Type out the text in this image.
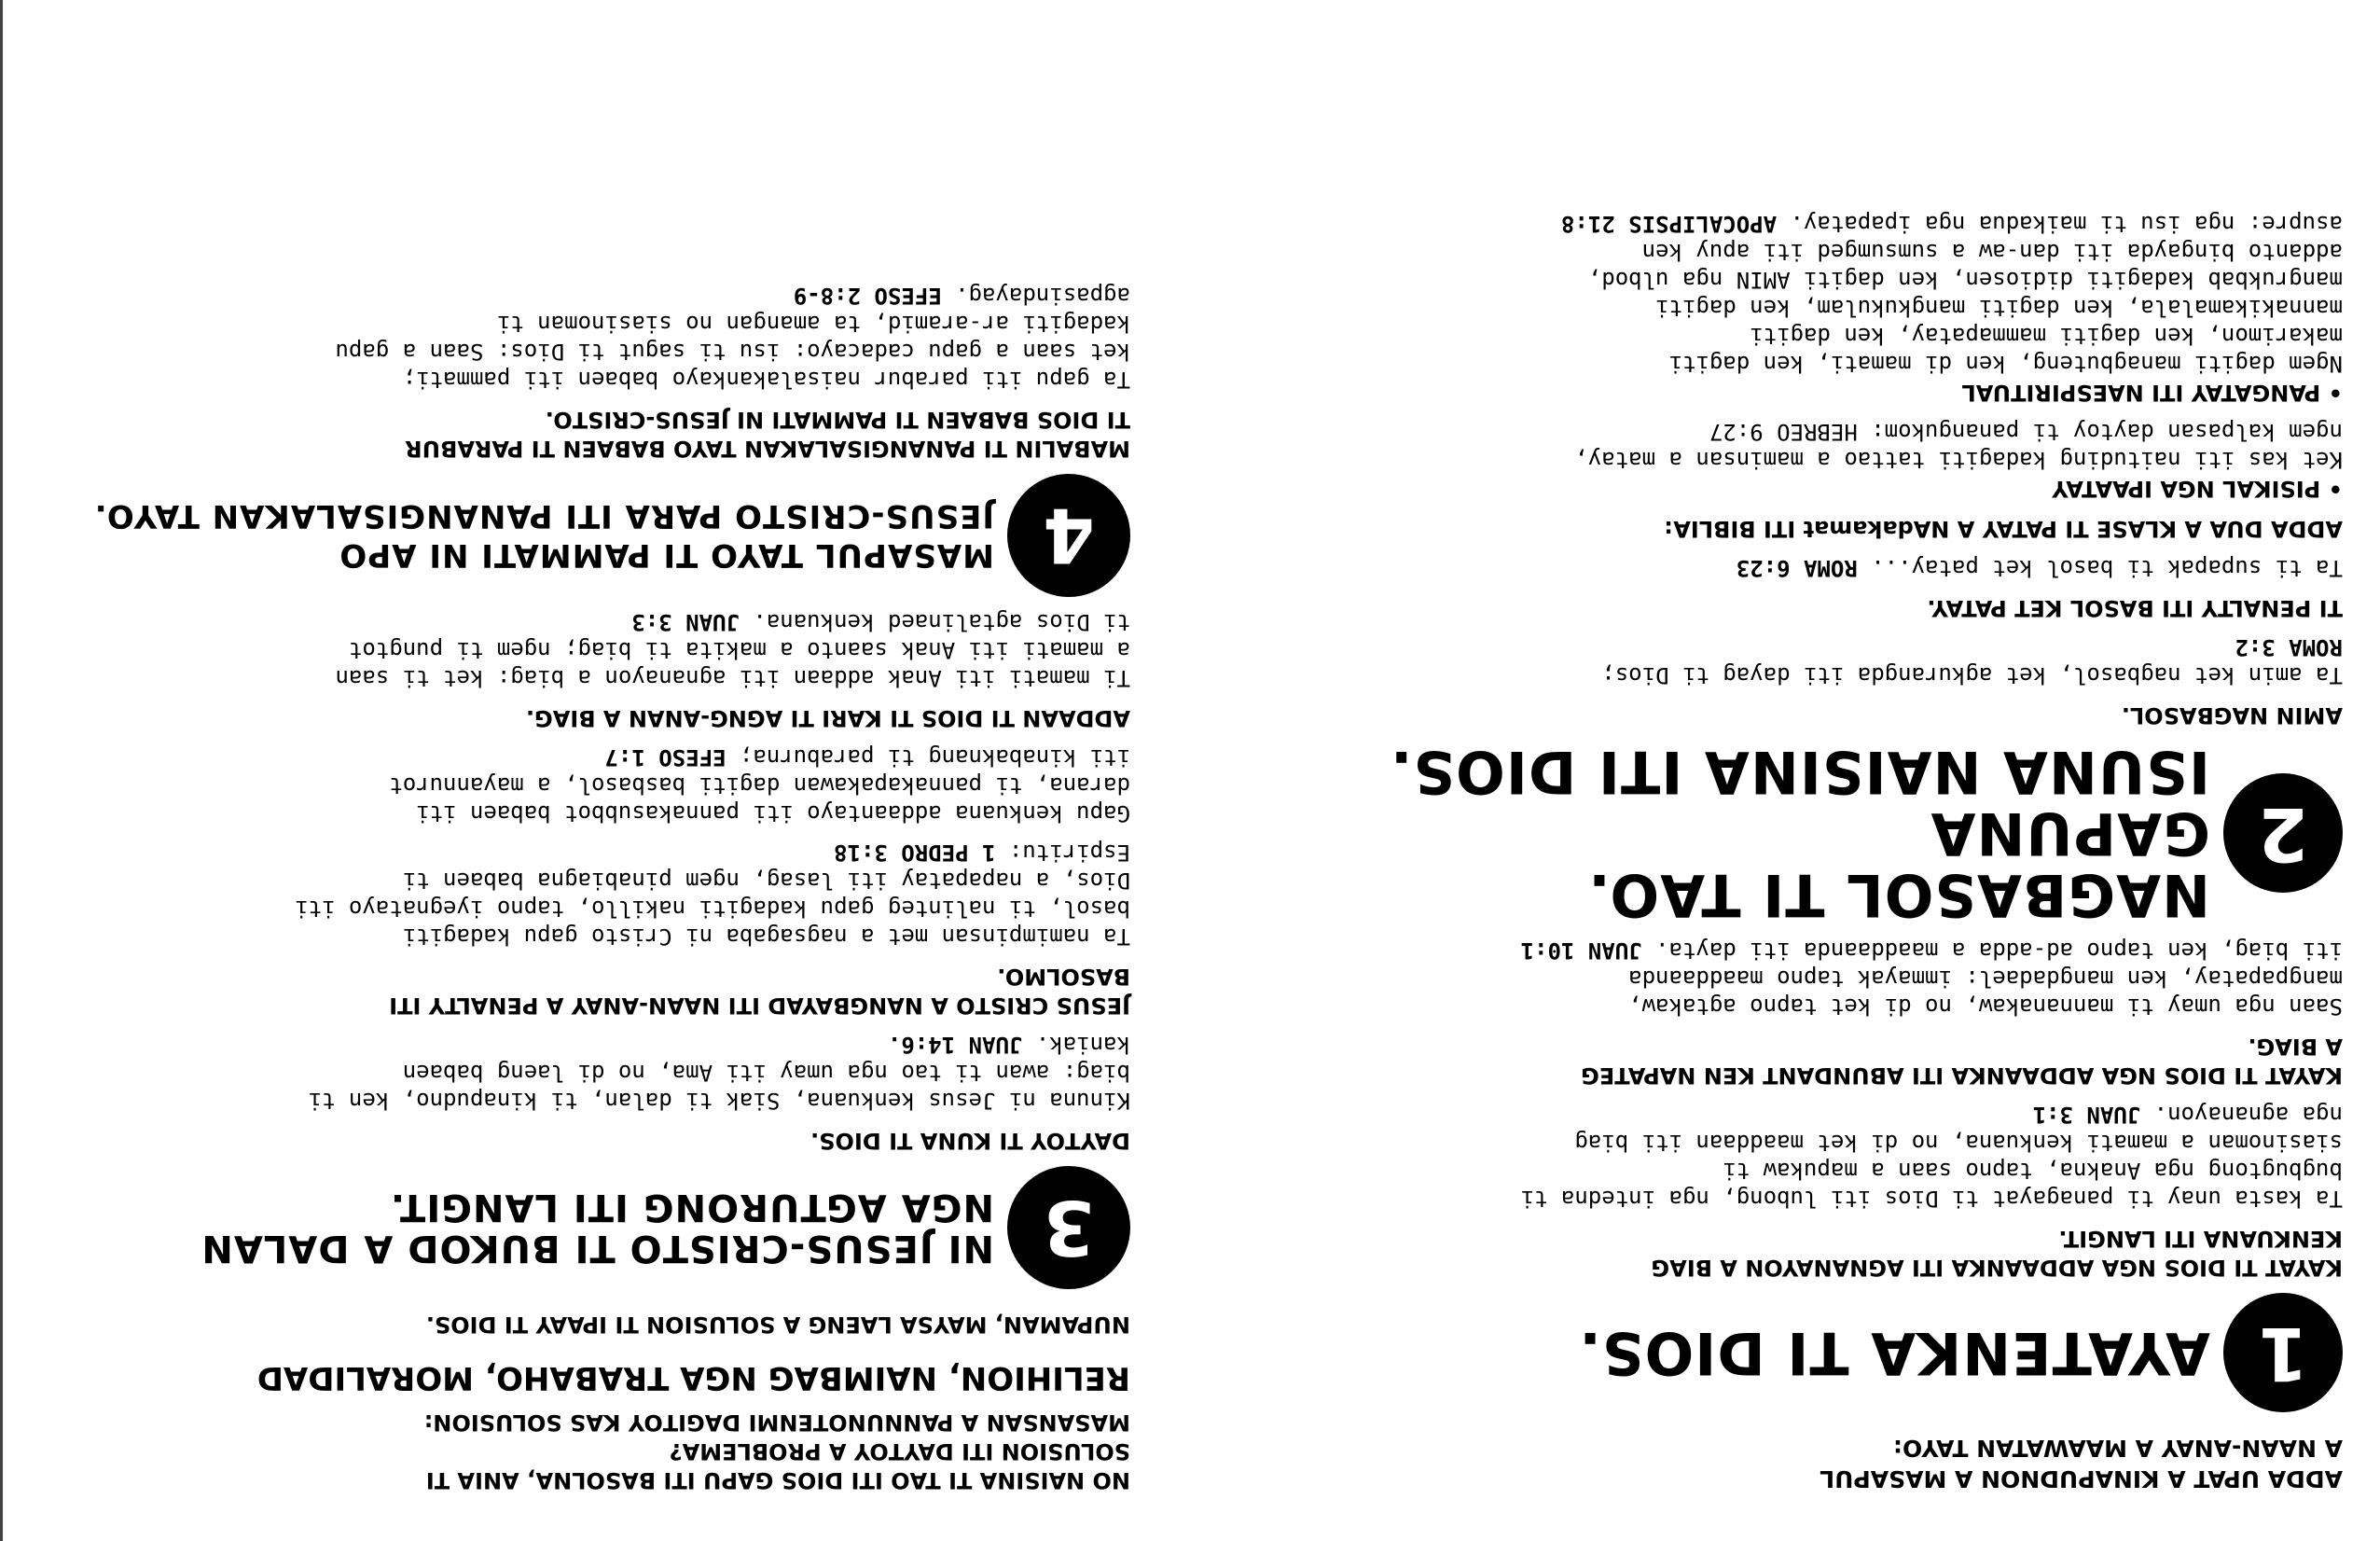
ADDA UPAT A KINAPUDNON A MASAPUL
A NAAN-ANAY A MAAWATAN TAYO:
1
AYATENKA TI DIOS.
KAYAT TI DIOS NGA ADDAANKA ITI AGNANAYON A BIAG
KENKUANA ITI LANGIT.
Ta kasta unay ti panagayat ti Dios iti lubong, nga intedna ti
bugbugtong nga Anakna, tapno saan a mapukaw ti
siasinoman a mamati kenkuana, no di ket maaddaan iti biag
nga agnanayon. JUAN 3:1
KAYAT TI DIOS NGA ADDAANKA ITI ABUNDANT KEN NAPATEG
A BIAG.
Saan nga umay ti mannanakaw, no di ket tapno agtakaw,
mangpapatay, ken mangdadael: immayak tapno maaddaanda
iti biag, ken tapno ad-adda a maaddaanda iti dayta. JUAN 10:1
2
NAGBASOL TI TAO. GAPUNA
ISUNA NAISINA ITI DIOS.
AMIN NAGBASOL.
Ta amin ket nagbasol, ket agkurangda iti dayag ti Dios;
ROMA 3:2
TI PENALTY ITI BASOL KET PATAY.
Ta ti supapak ti basol ket patay... ROMA 6:23
ADDA DUA A KLASE TI PATAY A NAdakamat ITI BIBLIA:
• PISIKAL NGA IPAATAY
Ket kas iti naituding kadagiti tattao a maminsan a matay,
ngem kalpasan daytoy ti panangukom: HEBREO 9:27
• PANGATAY ITI NAESPIRITUAL
Ngem dagiti managbuteng, ken di mamati, ken dagiti
makarimon, ken dagiti mammapatay, ken dagiti
mannakikamalala, ken dagiti mangkukulam, ken dagiti
mangrukbab kadagiti didiosen, ken dagiti AMIN nga ulbod,
addanto bingayda iti dan-aw a sumsumged iti apuy ken
asupre: nga isu ti maikadua nga ipapatay. APOCALIPSIS 21:8
NO NAISINA TI TAO ITI DIOS GAPU ITI BASOLNA, ANIA TI
SOLUSION ITI DAYTOY A PROBLEMA?
MASANSAN A PANNUNOTENMI DAGITOY KAS SOLUSION:
RELIHION, NAIMBAG NGA TRABAHO, MORALIDAD
NUPAMAN, MAYSA LAENG A SOLUSION TI IPAAY TI DIOS.
3
NI JESUS-CRISTO TI BUKOD A DALAN
NGA AGTURONG ITI LANGIT.
DAYTOY TI KUNA TI DIOS.
Kinuna ni Jesus kenkuana, Siak ti dalan, ti kinapudno, ken ti
biag: awan ti tao nga umay iti Ama, no di laeng babaen
kaniak. JUAN 14:6.
JESUS CRISTO A NANGBAYAD ITI NAAN-ANAY A PENALTY ITI
BASOLMO.
Ta namimpinsan met a nagsagaba ni Cristo gapu kadagiti
basol, ti nalinteg gapu kadagiti nakillo, tapno iyegnatayo iti
Dios, a napapatay iti lasag, ngem pinabiagna babaen ti
Espiritu: 1 PEDRO 3:18
Gapu kenkuana addaantayo iti pannakasubbot babaen iti
darana, ti pannakapakawan dagiti basbasol, a mayannurot
iti kinabaknang ti paraburna; EFESO 1:7
ADDAAN TI DIOS TI KARI TI AGNG-ANAN A BIAG.
Ti mamati iti Anak addaan iti agnanayon a biag: ket ti saan
a mamati iti Anak saanto a makita ti biag; ngem ti pungtot
ti Dios agtalinaed kenkuana. JUAN 3:3
4
MASAPUL TAYO TI PAMMATI NI APO
JESUS-CRISTO PARA ITI PANANGISALAKAN TAYO.
MABALIN TI PANANGISALAKAN TAYO BABAEN TI PARABUR
TI DIOS BABAEN TI PAMMATI NI JESUS-CRISTO.
Ta gapu iti parabur naisalakankayo babaen iti pammati;
ket saan a gapu cadacayo: isu ti sagut ti Dios: Saan a gapu
kadagiti ar-aramid, ta amangan no siasinoman ti
agpasindayag. EFESO 2:8-9
